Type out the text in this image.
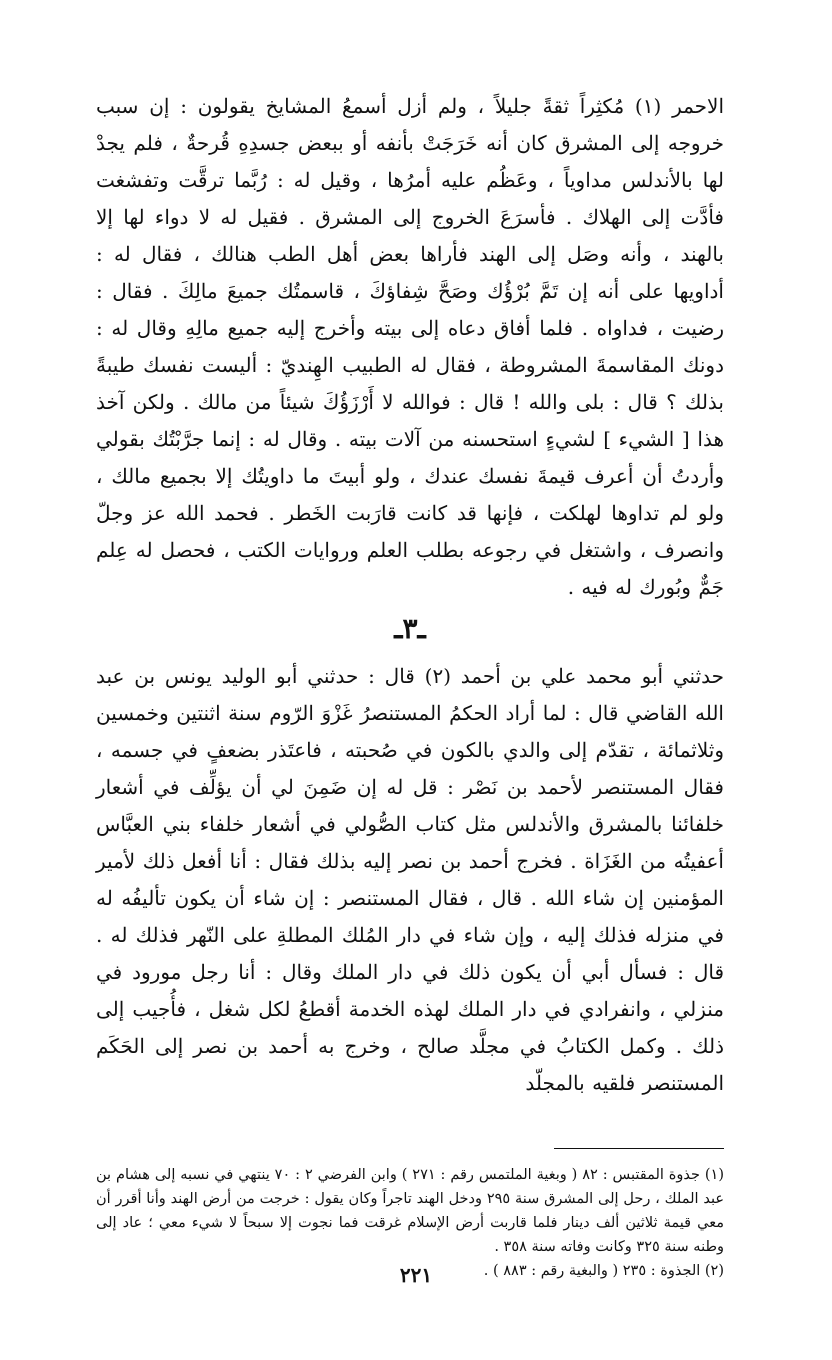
الاحمر (١) مُكثِراً ثقةً جليلاً ، ولم أزل أسمعُ المشايخ يقولون : إن سبب خروجه إلى المشرق كان أنه خَرَجَتْ بأنفه أو ببعض جسدِهِ قُرحةٌ ، فلم يجدْ لها بالأندلس مداوياً ، وعَظُم عليه أمرُها ، وقيل له : رُبَّما ترقَّت وتفشغت فأدَّت إلى الهلاك . فأسرَعَ الخروج إلى المشرق . فقيل له لا دواء لها إلا بالهند ، وأنه وصَل إلى الهند فأراها بعض أهل الطب هنالك ، فقال له : أداويها على أنه إن تَمَّ بُرْؤُك وصَحَّ شِفاؤكَ ، قاسمتُك جميعَ مالِكَ . فقال : رضيت ، فداواه . فلما أفاق دعاه إلى بيته وأخرج إليه جميع مالِهِ وقال له : دونك المقاسمةَ المشروطة ، فقال له الطبيب الهِنديّ : أليست نفسك طيبةً بذلك ؟ قال : بلى والله ! قال : فوالله لا أَرْزَؤُكَ شيئاً من مالك . ولكن آخذ هذا [ الشيء ] لشيءٍ استحسنه من آلات بيته . وقال له : إنما جرَّبْتُك بقولي وأردتُ أن أعرف قيمةَ نفسك عندك ، ولو أبيتَ ما داويتُك إلا بجميع مالك ، ولو لم تداوها لهلكت ، فإنها قد كانت قارَبت الخَطر . فحمد الله عز وجلّ وانصرف ، واشتغل في رجوعه بطلب العلم وروايات الكتب ، فحصل له عِلم جَمٌّ وبُورك له فيه .

ـ٣ـ

حدثني أبو محمد علي بن أحمد (٢) قال : حدثني أبو الوليد يونس بن عبد الله القاضي قال : لما أراد الحكمُ المستنصرُ غَزْوَ الرّوم سنة اثنتين وخمسين وثلاثمائة ، تقدّم إلى والدي بالكون في صُحبته ، فاعتَذر بضعفٍ في جسمه ، فقال المستنصر لأحمد بن نَصْر : قل له إن ضَمِنَ لي أن يؤلِّف في أشعار خلفائنا بالمشرق والأندلس مثل كتاب الصُّولي في أشعار خلفاء بني العبَّاس أعفيتُه من الغَزَاة . فخرج أحمد بن نصر إليه بذلك فقال : أنا أفعل ذلك لأمير المؤمنين إن شاء الله . قال ، فقال المستنصر : إن شاء أن يكون تأليفُه له في منزله فذلك إليه ، وإن شاء في دار المُلك المطلةِ على النّهر فذلك له . قال : فسأل أبي أن يكون ذلك في دار الملك وقال : أنا رجل مورود في منزلي ، وانفرادي في دار الملك لهذه الخدمة أقطعُ لكل شغل ، فأُجيب إلى ذلك . وكمل الكتابُ في مجلَّد صالح ، وخرج به أحمد بن نصر إلى الحَكَم المستنصر فلقيه بالمجلّد

(١) جذوة المقتبس : ٨٢ ( وبغية الملتمس رقم : ٢٧١ ) وابن الفرضي ٢ : ٧٠ ينتهي في نسبه إلى هشام بن عبد الملك ، رحل إلى المشرق سنة ٢٩٥ ودخل الهند تاجراً وكان يقول : خرجت من أرض الهند وأنا أقرر أن معي قيمة ثلاثين ألف دينار فلما قاربت أرض الإسلام غرقت فما نجوت إلا سبحاً لا شيء معي ؛ عاد إلى وطنه سنة ٣٢٥ وكانت وفاته سنة ٣٥٨ .

(٢) الجذوة : ٢٣٥ ( والبغية رقم : ٨٨٣ ) .

٢٢١
